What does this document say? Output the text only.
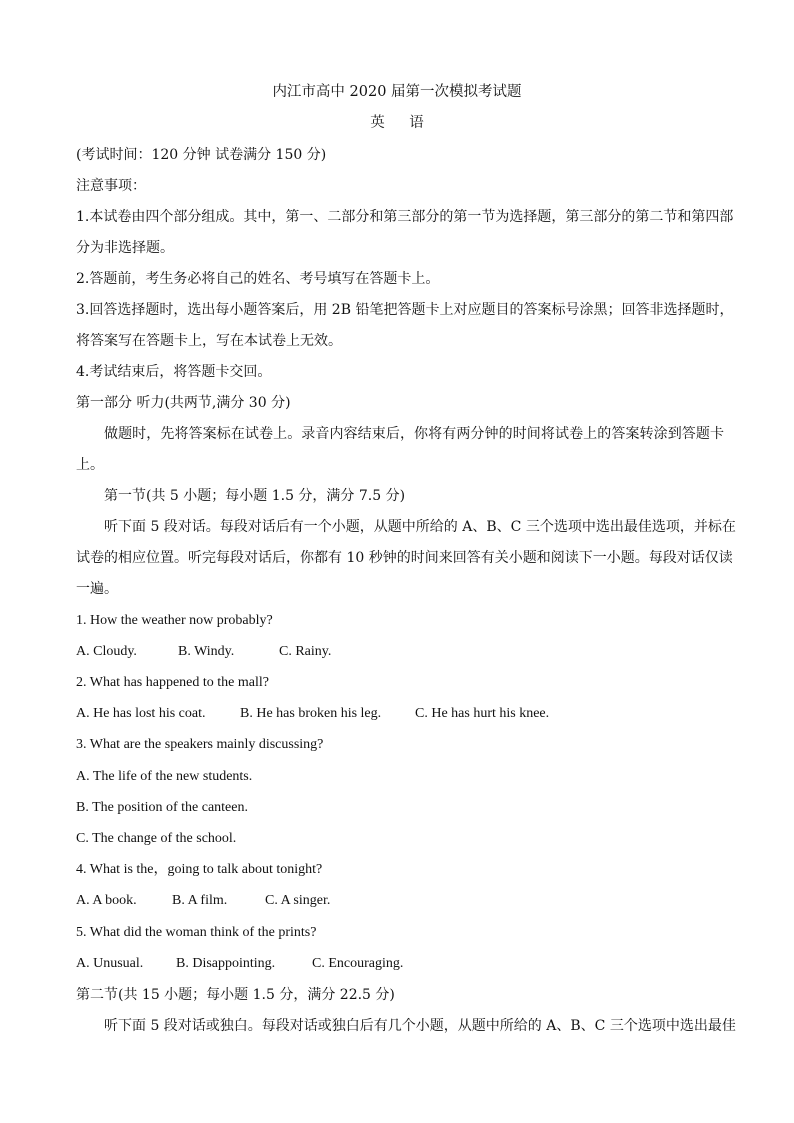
内江市高中 2020 届第一次模拟考试题
英 语
(考试时间：120 分钟 试卷满分 150 分)
注意事项：
1.本试卷由四个部分组成。其中，第一、二部分和第三部分的第一节为选择题，第三部分的第二节和第四部
分为非选择题。
2.答题前，考生务必将自己的姓名、考号填写在答题卡上。
3.回答选择题时，选出每小题答案后，用 2B 铅笔把答题卡上对应题目的答案标号涂黑；回答非选择题时，
将答案写在答题卡上，写在本试卷上无效。
4.考试结束后，将答题卡交回。
第一部分 听力(共两节,满分 30 分)
做题时，先将答案标在试卷上。录音内容结束后，你将有两分钟的时间将试卷上的答案转涂到答题卡
上。
第一节(共 5 小题；每小题 1.5 分，满分 7.5 分)
听下面 5 段对话。每段对话后有一个小题，从题中所给的 A、B、C 三个选项中选出最佳选项，并标在
试卷的相应位置。听完每段对话后，你都有 10 秒钟的时间来回答有关小题和阅读下一小题。每段对话仅读
一遍。
1. How the weather now probably?
A. Cloudy.	B. Windy.	C. Rainy.
2. What has happened to the mall?
A. He has lost his coat. B. He has broken his leg. C. He has hurt his knee.
3. What are the speakers mainly discussing?
A. The life of the new students.
B. The position of the canteen.
C. The change of the school.
4. What is the，going to talk about tonight?
A. A book.	B. A film.	C. A singer.
5. What did the woman think of the prints?
A. Unusual. B. Disappointing.	C. Encouraging.
第二节(共 15 小题；每小题 1.5 分，满分 22.5 分)
听下面 5 段对话或独白。每段对话或独白后有几个小题，从题中所给的 A、B、C 三个选项中选出最佳
